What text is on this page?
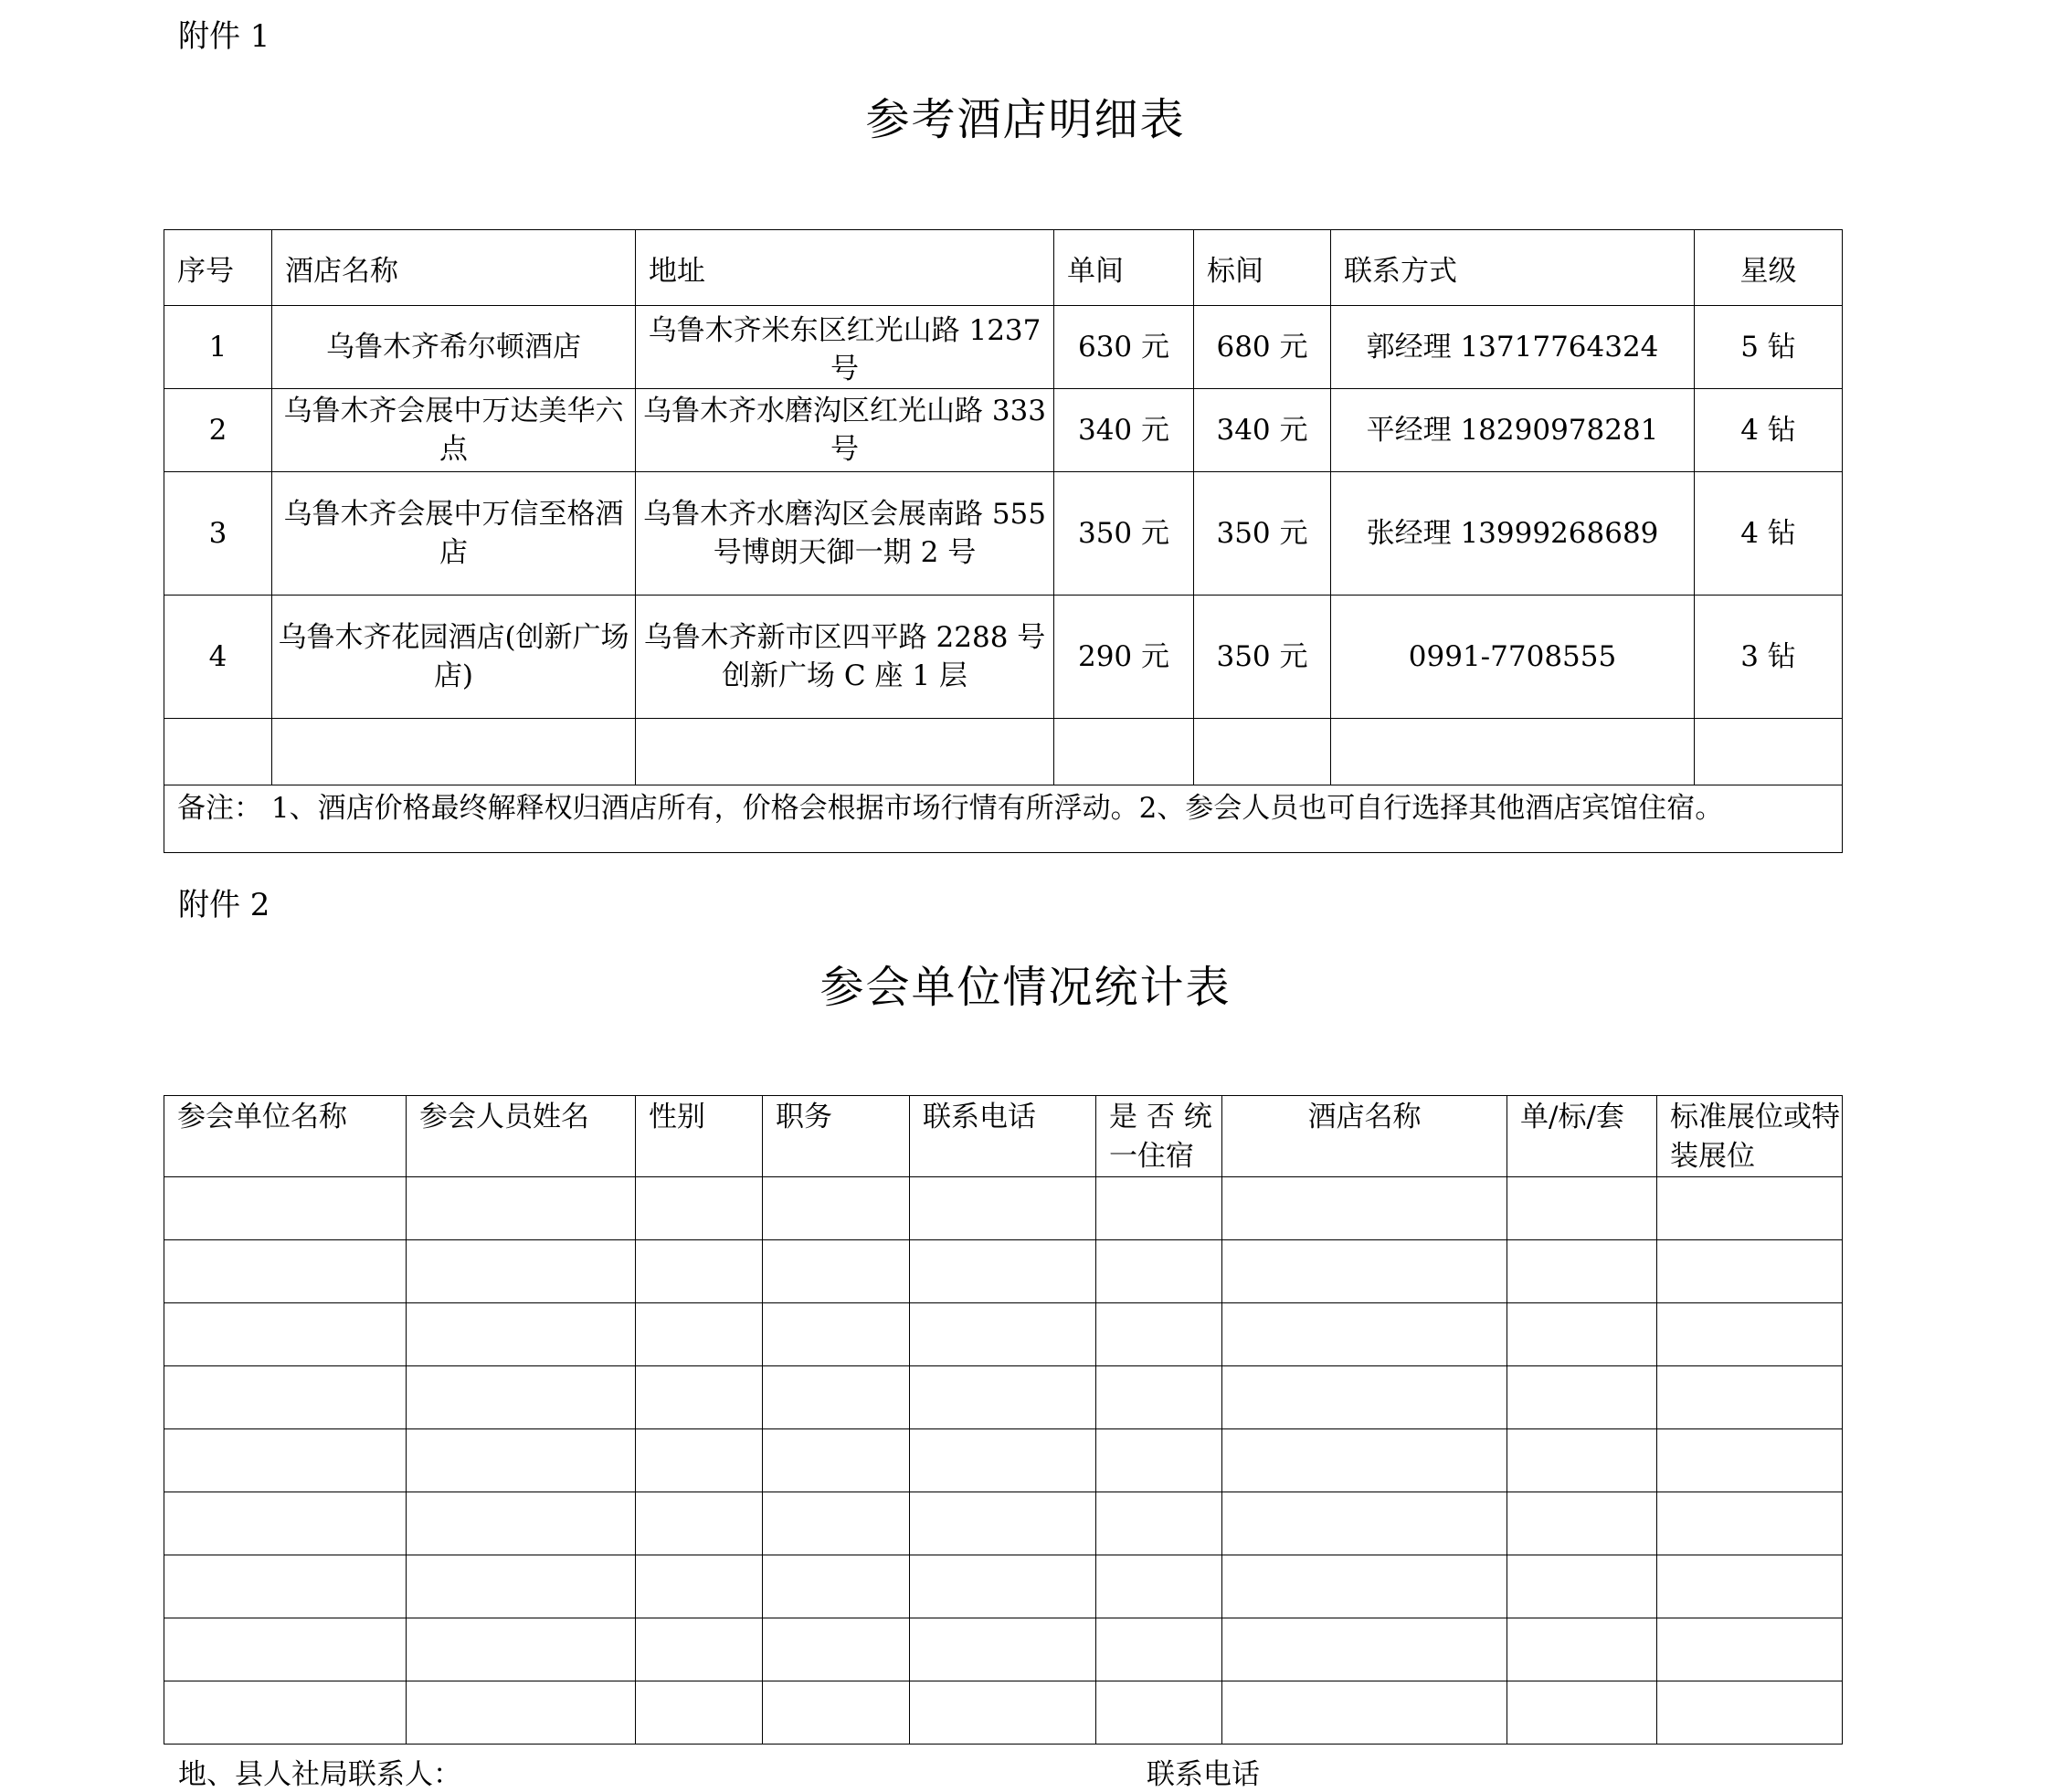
附件 1
参考酒店明细表
序号	酒店名称	地址	单间	标间	联系方式	星级
1	乌鲁木齐希尔顿酒店	乌鲁木齐米东区红光山路 1237 号	630 元	680 元	郭经理 13717764324	5 钻
2	乌鲁木齐会展中万达美华六点	乌鲁木齐水磨沟区红光山路 333 号	340 元	340 元	平经理 18290978281	4 钻
3	乌鲁木齐会展中万信至格酒店	乌鲁木齐水磨沟区会展南路 555 号博朗天御一期 2 号	350 元	350 元	张经理 13999268689	4 钻
4	乌鲁木齐花园酒店(创新广场店)	乌鲁木齐新市区四平路 2288 号创新广场 C 座 1 层	290 元	350 元	0991-7708555	3 钻

备注： 1、酒店价格最终解释权归酒店所有，价格会根据市场行情有所浮动。2、参会人员也可自行选择其他酒店宾馆住宿。						
附件 2
参会单位情况统计表
参会单位名称	参会人员姓名	性别	职务	联系电话	是 否 统 一住宿	酒店名称	单/标/套	标准展位或特装展位

地、县人社局联系人：	联系电话
